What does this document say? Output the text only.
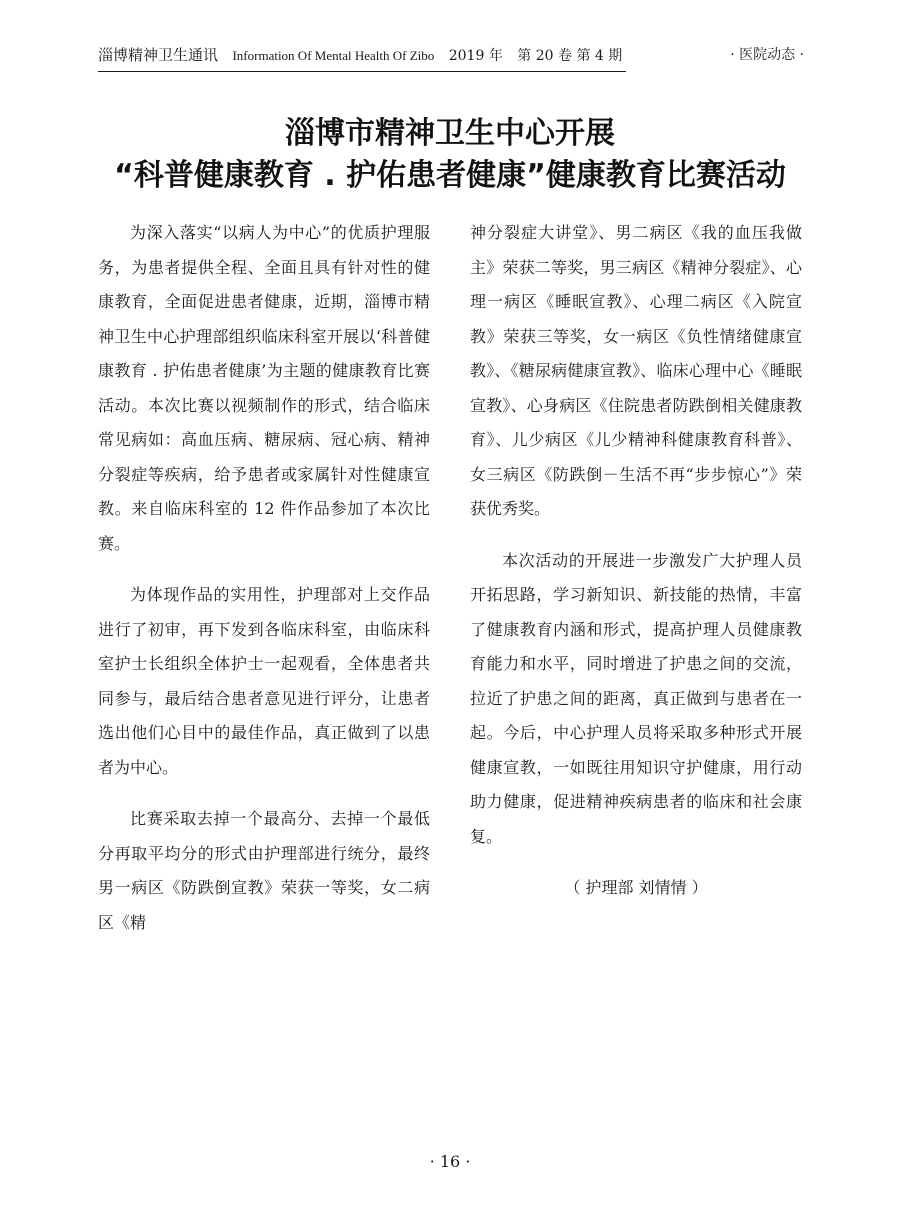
淄博精神卫生通讯 Information Of Mental Health Of Zibo 2019 年 第 20 卷 第 4 期	· 医院动态 ·
淄博市精神卫生中心开展
“科普健康教育 . 护佑患者健康”健康教育比赛活动

为深入落实“以病人为中心”的优质护理服务，为患者提供全程、全面且具有针对性的健康教育，全面促进患者健康，近期，淄博市精神卫生中心护理部组织临床科室开展以‘科普健康教育 . 护佑患者健康’为主题的健康教育比赛活动。本次比赛以视频制作的形式，结合临床常见病如：高血压病、糖尿病、冠心病、精神分裂症等疾病，给予患者或家属针对性健康宣教。来自临床科室的 12 件作品参加了本次比赛。

为体现作品的实用性，护理部对上交作品进行了初审，再下发到各临床科室，由临床科室护士长组织全体护士一起观看，全体患者共同参与，最后结合患者意见进行评分，让患者选出他们心目中的最佳作品，真正做到了以患者为中心。

比赛采取去掉一个最高分、去掉一个最低分再取平均分的形式由护理部进行统分，最终男一病区《防跌倒宣教》荣获一等奖，女二病区《精

神分裂症大讲堂》、男二病区《我的血压我做主》荣获二等奖，男三病区《精神分裂症》、心理一病区《睡眠宣教》、心理二病区《入院宣教》荣获三等奖，女一病区《负性情绪健康宣教》、《糖尿病健康宣教》、临床心理中心《睡眠宣教》、心身病区《住院患者防跌倒相关健康教育》、儿少病区《儿少精神科健康教育科普》、女三病区《防跌倒－生活不再“步步惊心”》荣获优秀奖。

本次活动的开展进一步激发广大护理人员开拓思路，学习新知识、新技能的热情，丰富了健康教育内涵和形式，提高护理人员健康教育能力和水平，同时增进了护患之间的交流，拉近了护患之间的距离，真正做到与患者在一起。今后，中心护理人员将采取多种形式开展健康宣教，一如既往用知识守护健康，用行动助力健康，促进精神疾病患者的临床和社会康复。

（ 护理部 刘情情 ）

· 16 ·
